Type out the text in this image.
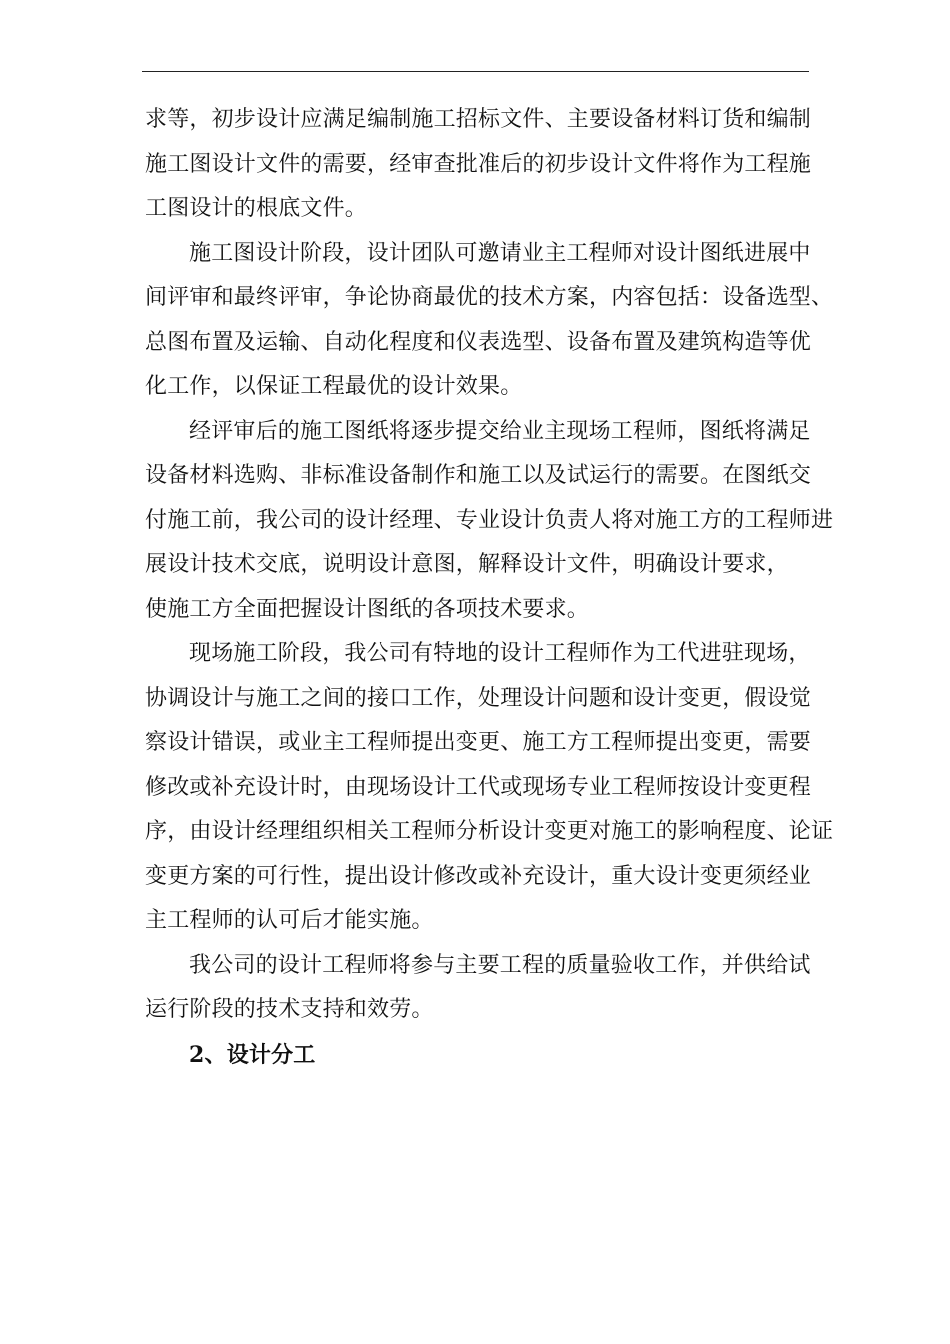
求等，初步设计应满足编制施工招标文件、主要设备材料订货和编制
施工图设计文件的需要，经审查批准后的初步设计文件将作为工程施
工图设计的根底文件。
施工图设计阶段，设计团队可邀请业主工程师对设计图纸进展中
间评审和最终评审，争论协商最优的技术方案，内容包括：设备选型、
总图布置及运输、自动化程度和仪表选型、设备布置及建筑构造等优
化工作，以保证工程最优的设计效果。
经评审后的施工图纸将逐步提交给业主现场工程师，图纸将满足
设备材料选购、非标准设备制作和施工以及试运行的需要。在图纸交
付施工前，我公司的设计经理、专业设计负责人将对施工方的工程师进
展设计技术交底，说明设计意图，解释设计文件，明确设计要求，
使施工方全面把握设计图纸的各项技术要求。
现场施工阶段，我公司有特地的设计工程师作为工代进驻现场，
协调设计与施工之间的接口工作，处理设计问题和设计变更，假设觉
察设计错误，或业主工程师提出变更、施工方工程师提出变更，需要
修改或补充设计时，由现场设计工代或现场专业工程师按设计变更程
序，由设计经理组织相关工程师分析设计变更对施工的影响程度、论证
变更方案的可行性，提出设计修改或补充设计，重大设计变更须经业
主工程师的认可后才能实施。
我公司的设计工程师将参与主要工程的质量验收工作，并供给试
运行阶段的技术支持和效劳。
2、设计分工
